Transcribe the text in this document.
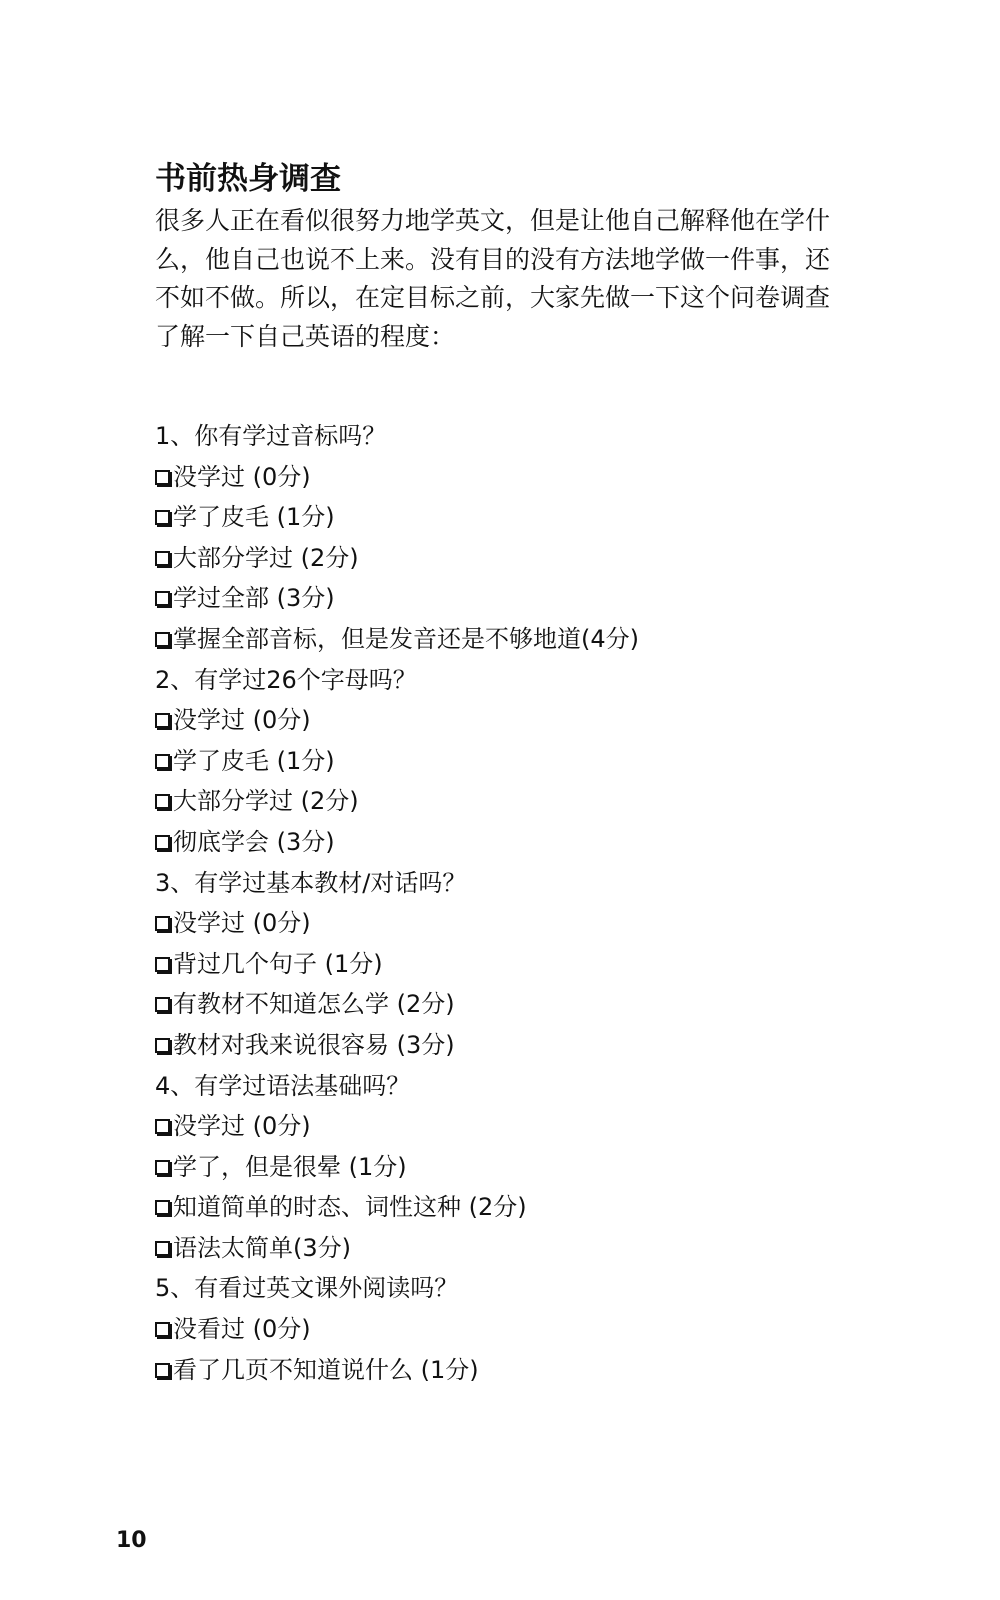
书前热身调查

很多人正在看似很努力地学英文，但是让他自己解释他在学什么，他自己也说不上来。没有目的没有方法地学做一件事，还不如不做。所以，在定目标之前，大家先做一下这个问卷调查了解一下自己英语的程度：

1、你有学过音标吗？
没学过 (0分)
学了皮毛 (1分)
大部分学过 (2分)
学过全部 (3分)
掌握全部音标，但是发音还是不够地道(4分)
2、有学过26个字母吗？
没学过 (0分)
学了皮毛 (1分)
大部分学过 (2分)
彻底学会 (3分)
3、有学过基本教材/对话吗？
没学过 (0分)
背过几个句子 (1分)
有教材不知道怎么学 (2分)
教材对我来说很容易 (3分)
4、有学过语法基础吗？
没学过 (0分)
学了，但是很晕 (1分)
知道简单的时态、词性这种 (2分)
语法太简单(3分)
5、有看过英文课外阅读吗？
没看过 (0分)
看了几页不知道说什么 (1分)
10
